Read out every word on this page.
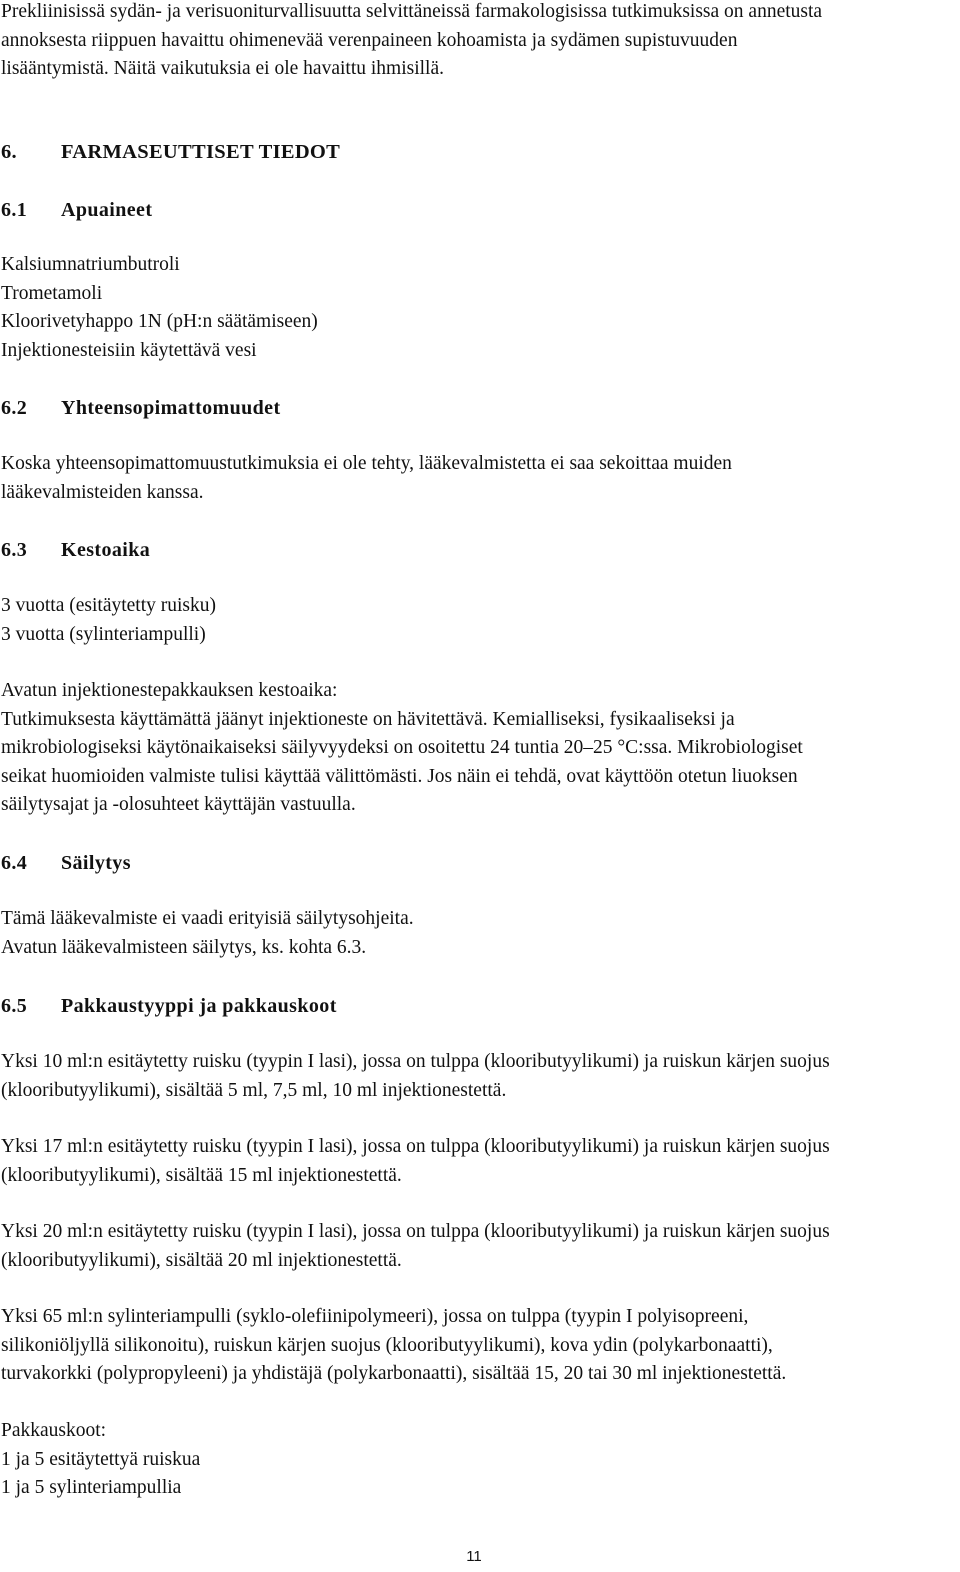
Prekliinisissä sydän- ja verisuoniturvallisuutta selvittäneissä farmakologisissa tutkimuksissa on annetusta
annoksesta riippuen havaittu ohimenevää verenpaineen kohoamista ja sydämen supistuvuuden
lisääntymistä. Näitä vaikutuksia ei ole havaittu ihmisillä.
6. FARMASEUTTISET TIEDOT
6.1 Apuaineet
Kalsiumnatriumbutroli
Trometamoli
Kloorivetyhappo 1N (pH:n säätämiseen)
Injektionesteisiin käytettävä vesi
6.2 Yhteensopimattomuudet
Koska yhteensopimattomuustutkimuksia ei ole tehty, lääkevalmistetta ei saa sekoittaa muiden
lääkevalmisteiden kanssa.
6.3 Kestoaika
3 vuotta (esitäytetty ruisku)
3 vuotta (sylinteriampulli)
Avatun injektionestepakkauksen kestoaika:
Tutkimuksesta käyttämättä jäänyt injektioneste on hävitettävä. Kemialliseksi, fysikaaliseksi ja
mikrobiologiseksi käytönaikaiseksi säilyvyydeksi on osoitettu 24 tuntia 20‒25 °C:ssa. Mikrobiologiset
seikat huomioiden valmiste tulisi käyttää välittömästi. Jos näin ei tehdä, ovat käyttöön otetun liuoksen
säilytysajat ja -olosuhteet käyttäjän vastuulla.
6.4 Säilytys
Tämä lääkevalmiste ei vaadi erityisiä säilytysohjeita.
Avatun lääkevalmisteen säilytys, ks. kohta 6.3.
6.5 Pakkaustyyppi ja pakkauskoot
Yksi 10 ml:n esitäytetty ruisku (tyypin I lasi), jossa on tulppa (klooributyylikumi) ja ruiskun kärjen suojus
(klooributyylikumi), sisältää 5 ml, 7,5 ml, 10 ml injektionestettä.
Yksi 17 ml:n esitäytetty ruisku (tyypin I lasi), jossa on tulppa (klooributyylikumi) ja ruiskun kärjen suojus
(klooributyylikumi), sisältää 15 ml injektionestettä.
Yksi 20 ml:n esitäytetty ruisku (tyypin I lasi), jossa on tulppa (klooributyylikumi) ja ruiskun kärjen suojus
(klooributyylikumi), sisältää 20 ml injektionestettä.
Yksi 65 ml:n sylinteriampulli (syklo-olefiinipolymeeri), jossa on tulppa (tyypin I polyisopreeni,
silikoniöljyllä silikonoitu), ruiskun kärjen suojus (klooributyylikumi), kova ydin (polykarbonaatti),
turvakorkki (polypropyleeni) ja yhdistäjä (polykarbonaatti), sisältää 15, 20 tai 30 ml injektionestettä.
Pakkauskoot:
1 ja 5 esitäytettyä ruiskua
1 ja 5 sylinteriampullia
11
